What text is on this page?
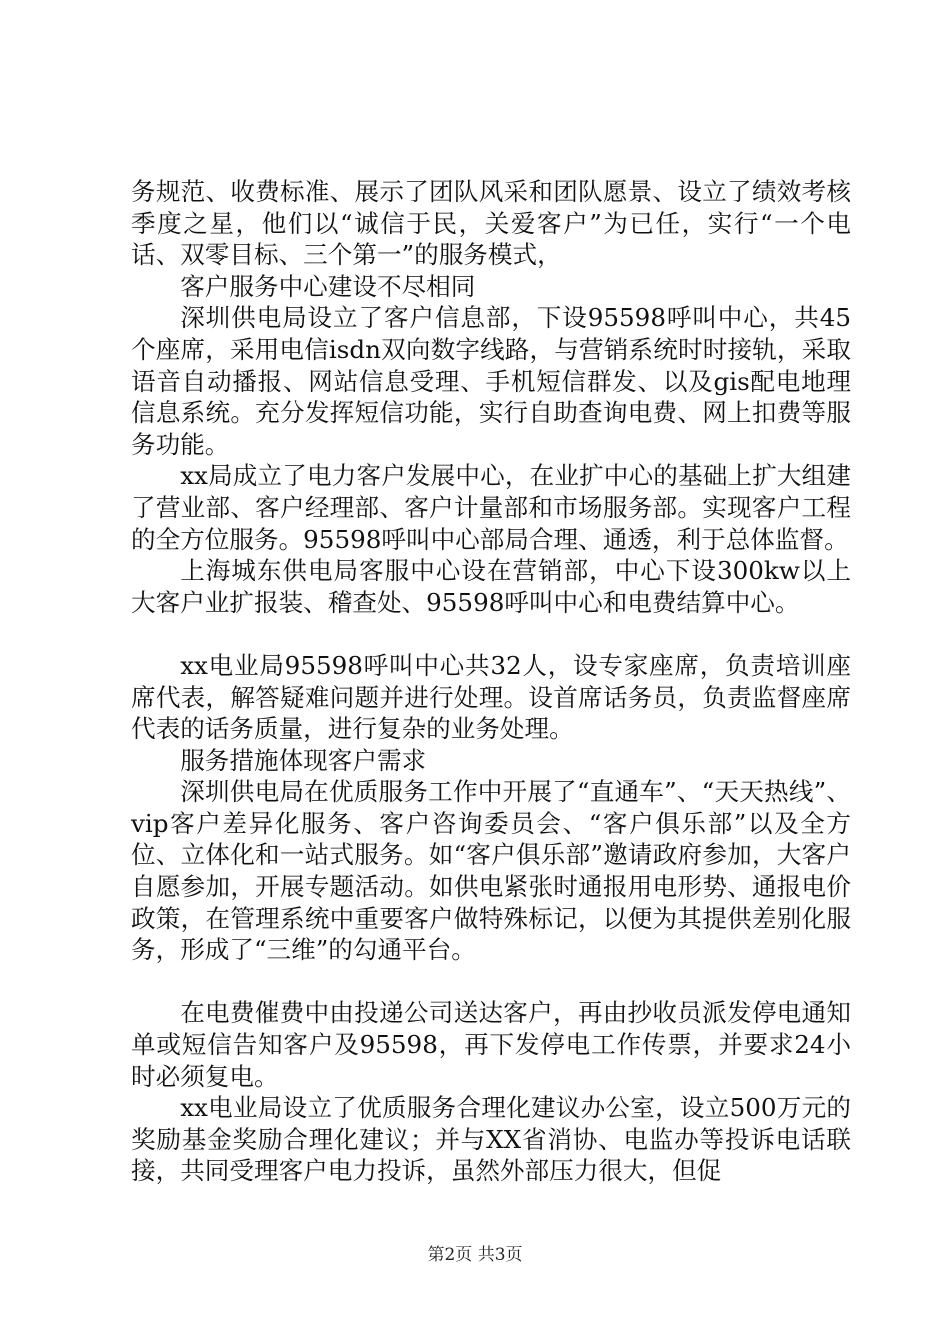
务规范、收费标准、展示了团队风采和团队愿景、设立了绩效考核季度之星，他们以“诚信于民，关爱客户”为已任，实行“一个电话、双零目标、三个第一”的服务模式，

客户服务中心建设不尽相同

深圳供电局设立了客户信息部，下设95598呼叫中心，共45个座席，采用电信isdn双向数字线路，与营销系统时时接轨，采取语音自动播报、网站信息受理、手机短信群发、以及gis配电地理信息系统。充分发挥短信功能，实行自助查询电费、网上扣费等服务功能。

xx局成立了电力客户发展中心，在业扩中心的基础上扩大组建了营业部、客户经理部、客户计量部和市场服务部。实现客户工程的全方位服务。95598呼叫中心部局合理、通透，利于总体监督。

上海城东供电局客服中心设在营销部，中心下设300kw以上大客户业扩报装、稽查处、95598呼叫中心和电费结算中心。

xx电业局95598呼叫中心共32人，设专家座席，负责培训座席代表，解答疑难问题并进行处理。设首席话务员，负责监督座席代表的话务质量，进行复杂的业务处理。

服务措施体现客户需求

深圳供电局在优质服务工作中开展了“直通车”、“天天热线”、vip客户差异化服务、客户咨询委员会、“客户俱乐部”以及全方位、立体化和一站式服务。如“客户俱乐部”邀请政府参加，大客户自愿参加，开展专题活动。如供电紧张时通报用电形势、通报电价政策，在管理系统中重要客户做特殊标记，以便为其提供差别化服务，形成了“三维”的勾通平台。

在电费催费中由投递公司送达客户，再由抄收员派发停电通知单或短信告知客户及95598，再下发停电工作传票，并要求24小时必须复电。

xx电业局设立了优质服务合理化建议办公室，设立500万元的奖励基金奖励合理化建议；并与XX省消协、电监办等投诉电话联接，共同受理客户电力投诉，虽然外部压力很大，但促

第2页 共3页
